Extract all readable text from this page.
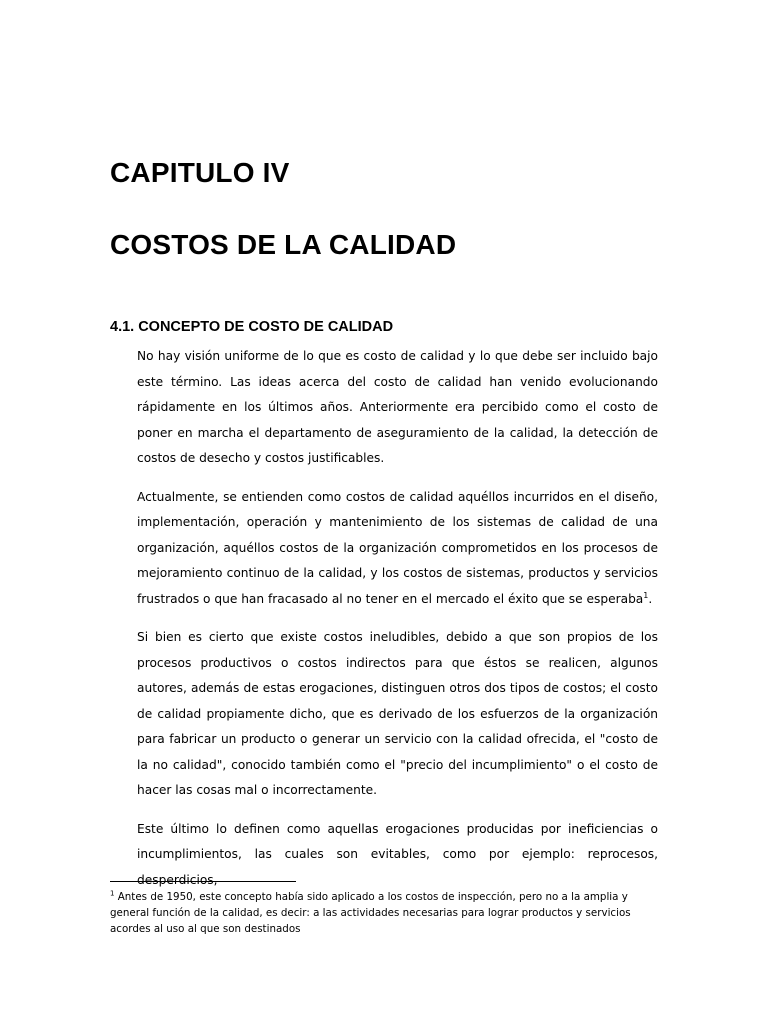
CAPITULO IV
COSTOS DE LA CALIDAD
4.1. CONCEPTO DE COSTO DE CALIDAD

No hay visión uniforme de lo que es costo de calidad y lo que debe ser incluido bajo este término. Las ideas acerca del costo de calidad han venido evolucionando rápidamente en los últimos años. Anteriormente era percibido como el costo de poner en marcha el departamento de aseguramiento de la calidad, la detección de costos de desecho y costos justificables.

Actualmente, se entienden como costos de calidad aquéllos incurridos en el diseño, implementación, operación y mantenimiento de los sistemas de calidad de una organización, aquéllos costos de la organización comprometidos en los procesos de mejoramiento continuo de la calidad, y los costos de sistemas, productos y servicios frustrados o que han fracasado al no tener en el mercado el éxito que se esperaba$^1$.

Si bien es cierto que existe costos ineludibles, debido a que son propios de los procesos productivos o costos indirectos para que éstos se realicen, algunos autores, además de estas erogaciones, distinguen otros dos tipos de costos; el costo de calidad propiamente dicho, que es derivado de los esfuerzos de la organización para fabricar un producto o generar un servicio con la calidad ofrecida, el "costo de la no calidad", conocido también como el "precio del incumplimiento" o el costo de hacer las cosas mal o incorrectamente.

Este último lo definen como aquellas erogaciones producidas por ineficiencias o incumplimientos, las cuales son evitables, como por ejemplo: reprocesos, desperdicios,

$^1$ Antes de 1950, este concepto había sido aplicado a los costos de inspección, pero no a la amplia y general función de la calidad, es decir: a las actividades necesarias para lograr productos y servicios acordes al uso al que son destinados
